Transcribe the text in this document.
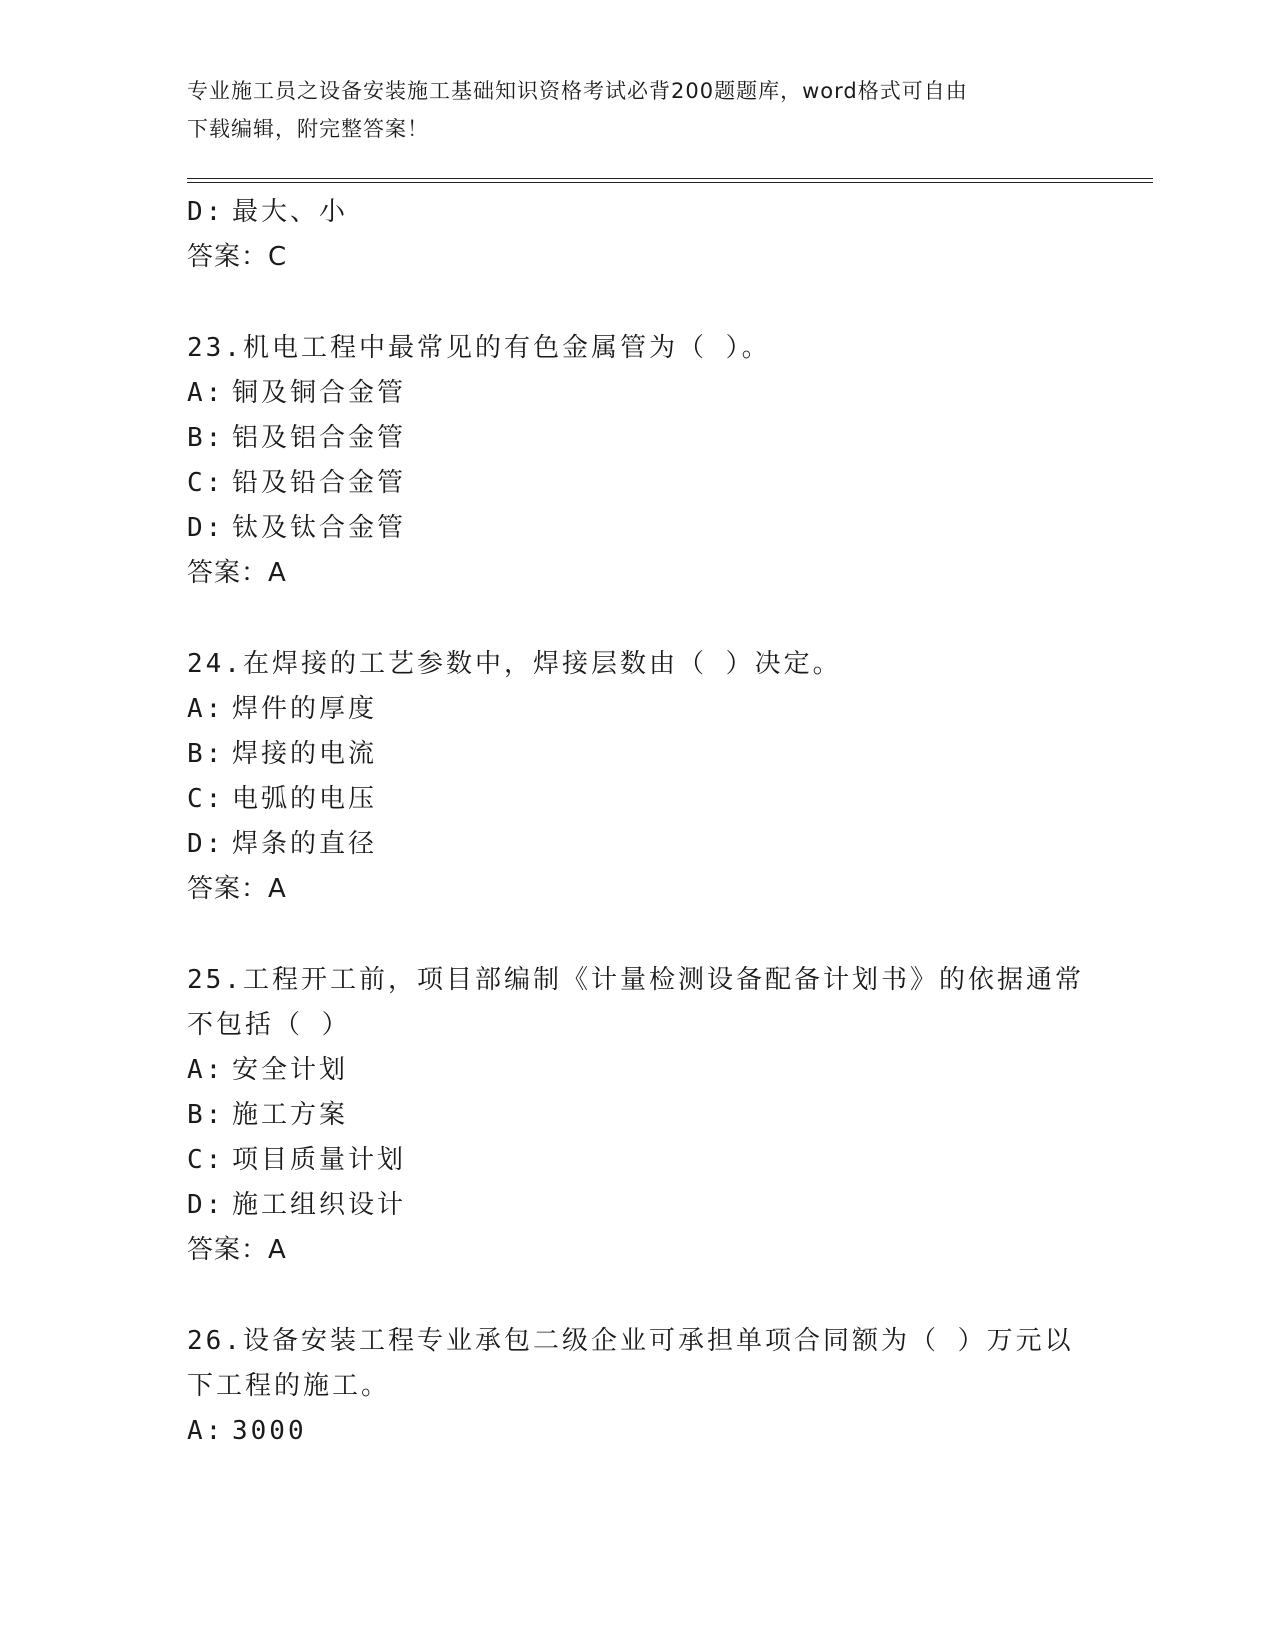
专业施工员之设备安装施工基础知识资格考试必背200题题库，word格式可自由

下载编辑，附完整答案！

D: 最大、小

答案：C

23.机电工程中最常见的有色金属管为（ ）。

A: 铜及铜合金管
B: 铝及铝合金管
C: 铅及铅合金管
D: 钛及钛合金管

答案：A

24.在焊接的工艺参数中，焊接层数由（ ）决定。

A: 焊件的厚度
B: 焊接的电流
C: 电弧的电压
D: 焊条的直径

答案：A

25.工程开工前，项目部编制《计量检测设备配备计划书》的依据通常

不包括（ ）

A: 安全计划
B: 施工方案
C: 项目质量计划
D: 施工组织设计

答案：A

26.设备安装工程专业承包二级企业可承担单项合同额为（ ）万元以

下工程的施工。

A: 3000
